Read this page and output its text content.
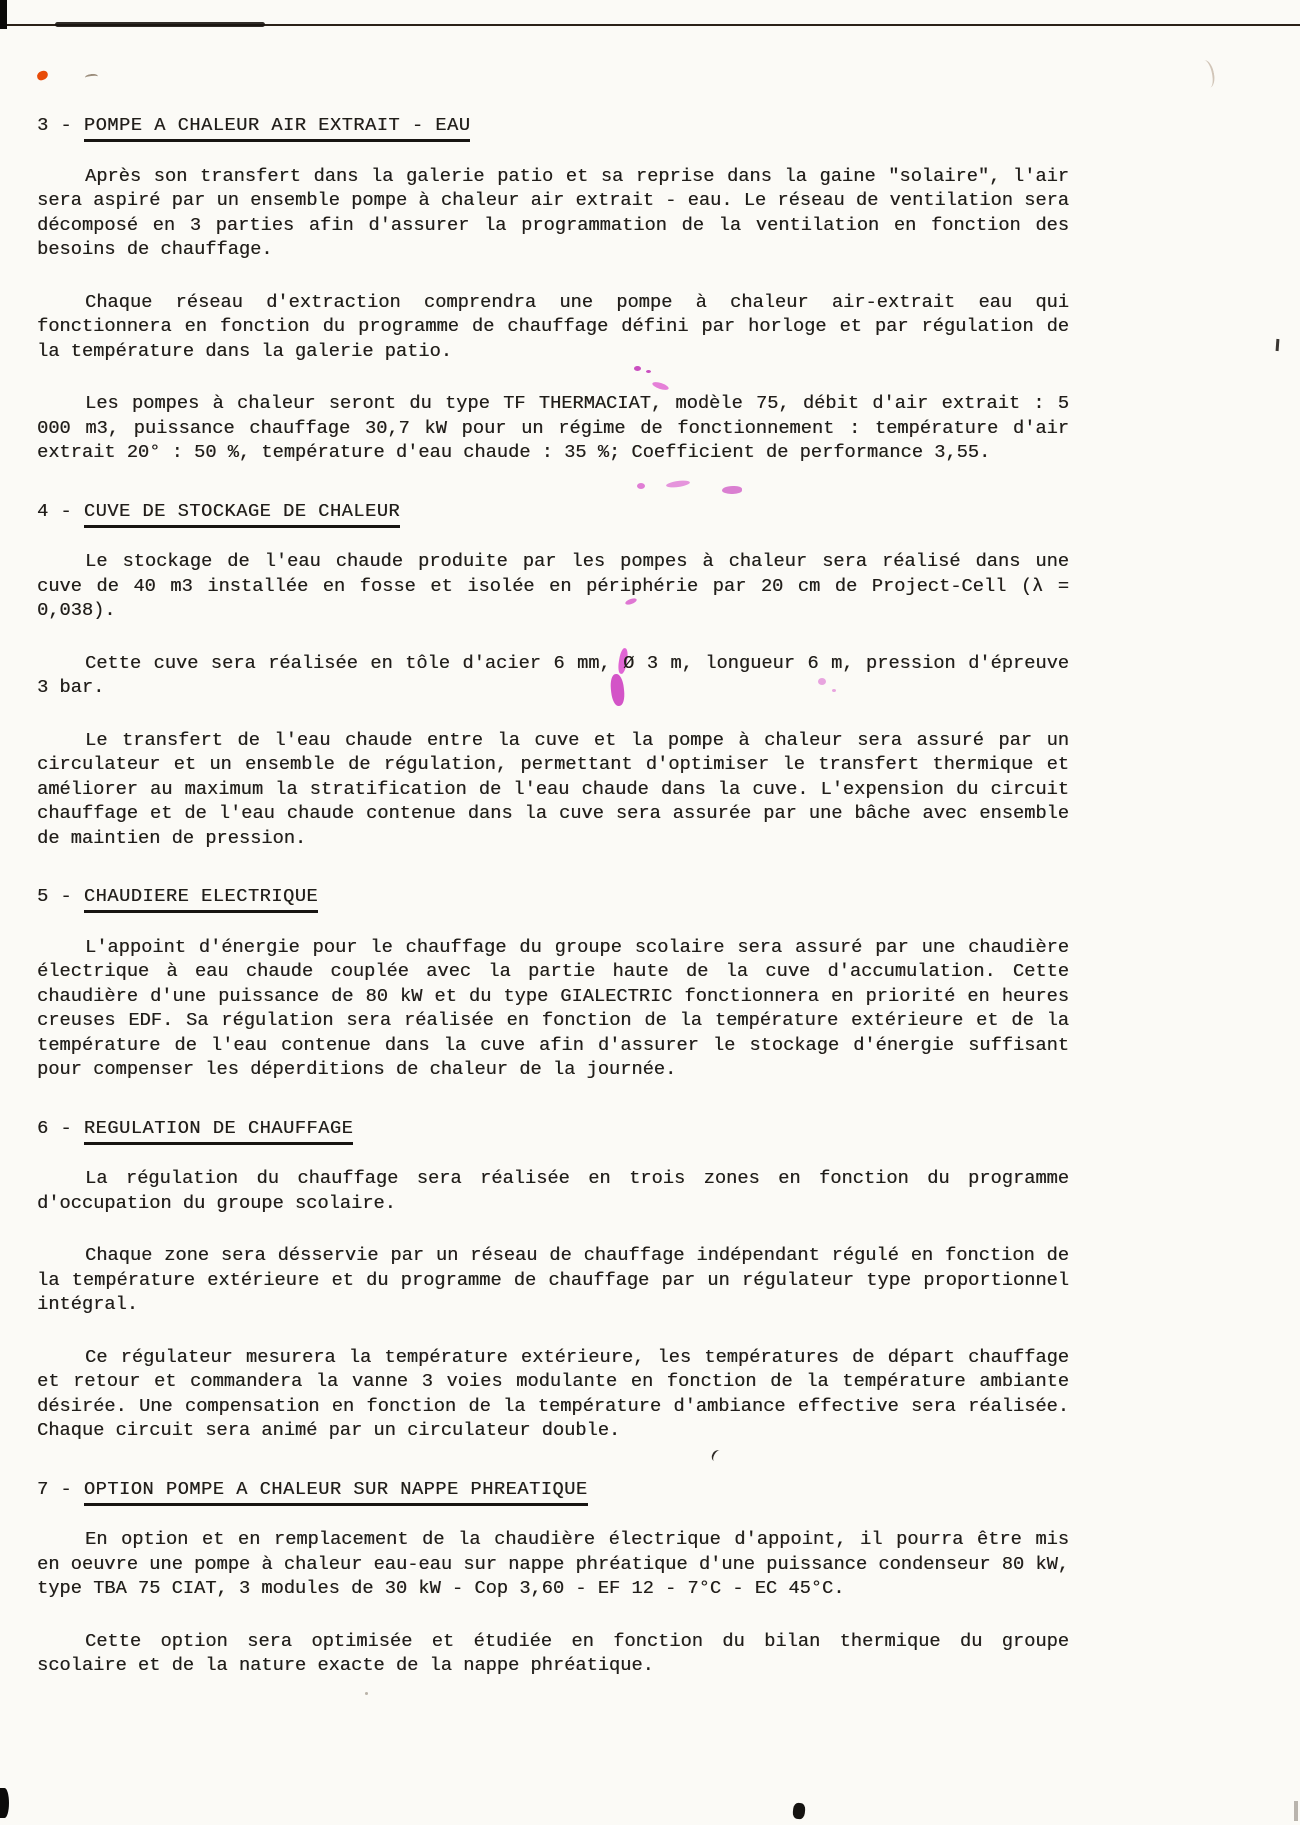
3 - POMPE A CHALEUR AIR EXTRAIT - EAU

Après son transfert dans la galerie patio et sa reprise dans la gaine "solaire", l'air sera aspiré par un ensemble pompe à chaleur air extrait - eau. Le réseau de ventilation sera décomposé en 3 parties afin d'assurer la programmation de la ventilation en fonction des besoins de chauffage.

Chaque réseau d'extraction comprendra une pompe à chaleur air-extrait eau qui fonctionnera en fonction du programme de chauffage défini par horloge et par régulation de la température dans la galerie patio.

Les pompes à chaleur seront du type TF THERMACIAT, modèle 75, débit d'air extrait : 5 000 m3, puissance chauffage 30,7 kW pour un régime de fonctionnement : température d'air extrait 20° : 50 %, température d'eau chaude : 35 %; Coefficient de performance 3,55.

4 - CUVE DE STOCKAGE DE CHALEUR

Le stockage de l'eau chaude produite par les pompes à chaleur sera réalisé dans une cuve de 40 m3 installée en fosse et isolée en périphérie par 20 cm de Project-Cell (λ = 0,038).

Cette cuve sera réalisée en tôle d'acier 6 mm, Ø 3 m, longueur 6 m, pression d'épreuve 3 bar.

Le transfert de l'eau chaude entre la cuve et la pompe à chaleur sera assuré par un circulateur et un ensemble de régulation, permettant d'optimiser le transfert thermique et améliorer au maximum la stratification de l'eau chaude dans la cuve. L'expension du circuit chauffage et de l'eau chaude contenue dans la cuve sera assurée par une bâche avec ensemble de maintien de pression.

5 - CHAUDIERE ELECTRIQUE

L'appoint d'énergie pour le chauffage du groupe scolaire sera assuré par une chaudière électrique à eau chaude couplée avec la partie haute de la cuve d'accumulation. Cette chaudière d'une puissance de 80 kW et du type GIALECTRIC fonctionnera en priorité en heures creuses EDF. Sa régulation sera réalisée en fonction de la température extérieure et de la température de l'eau contenue dans la cuve afin d'assurer le stockage d'énergie suffisant pour compenser les déperditions de chaleur de la journée.

6 - REGULATION DE CHAUFFAGE

La régulation du chauffage sera réalisée en trois zones en fonction du programme d'occupation du groupe scolaire.

Chaque zone sera désservie par un réseau de chauffage indépendant régulé en fonction de la température extérieure et du programme de chauffage par un régulateur type proportionnel intégral.

Ce régulateur mesurera la température extérieure, les températures de départ chauffage et retour et commandera la vanne 3 voies modulante en fonction de la température ambiante désirée. Une compensation en fonction de la température d'ambiance effective sera réalisée. Chaque circuit sera animé par un circulateur double.

7 - OPTION POMPE A CHALEUR SUR NAPPE PHREATIQUE

En option et en remplacement de la chaudière électrique d'appoint, il pourra être mis en oeuvre une pompe à chaleur eau-eau sur nappe phréatique d'une puissance condenseur 80 kW, type TBA 75 CIAT, 3 modules de 30 kW - Cop 3,60 - EF 12 - 7°C - EC 45°C.

Cette option sera optimisée et étudiée en fonction du bilan thermique du groupe scolaire et de la nature exacte de la nappe phréatique.
